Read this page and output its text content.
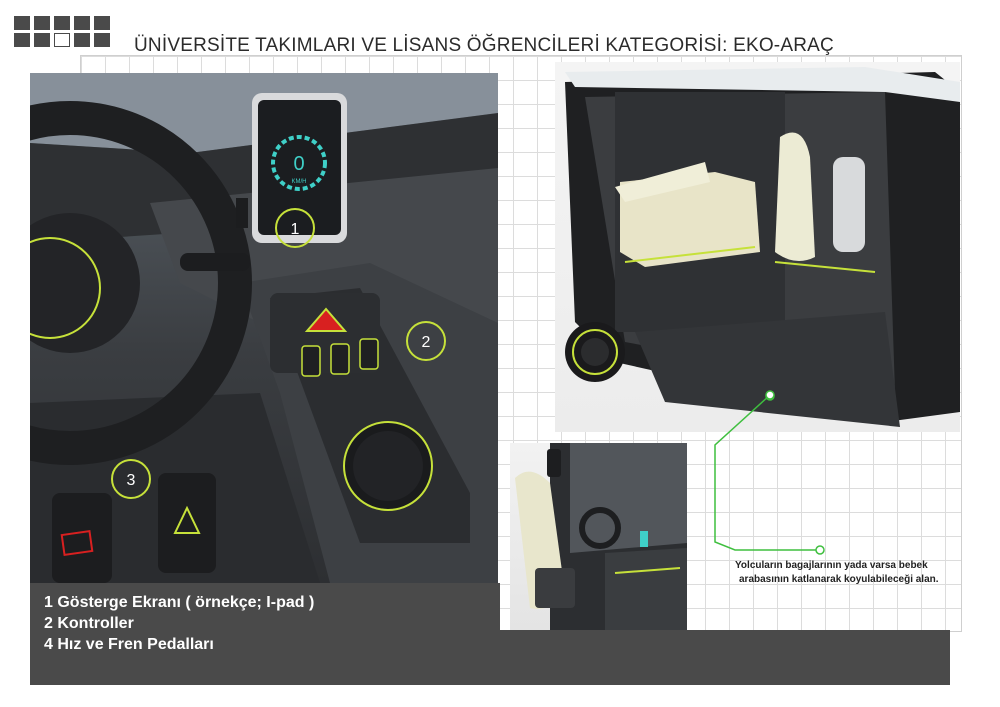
ÜNİVERSİTE TAKIMLARI VE LİSANS ÖĞRENCİLERİ KATEGORİSİ: EKO-ARAÇ
0
KM/H
1
2
3
Yolcuların bagajlarının yada varsa bebek
arabasının katlanarak koyulabileceği alan.
1 Gösterge Ekranı ( örnekçe; I-pad )
2 Kontroller
4 Hız ve Fren Pedalları
